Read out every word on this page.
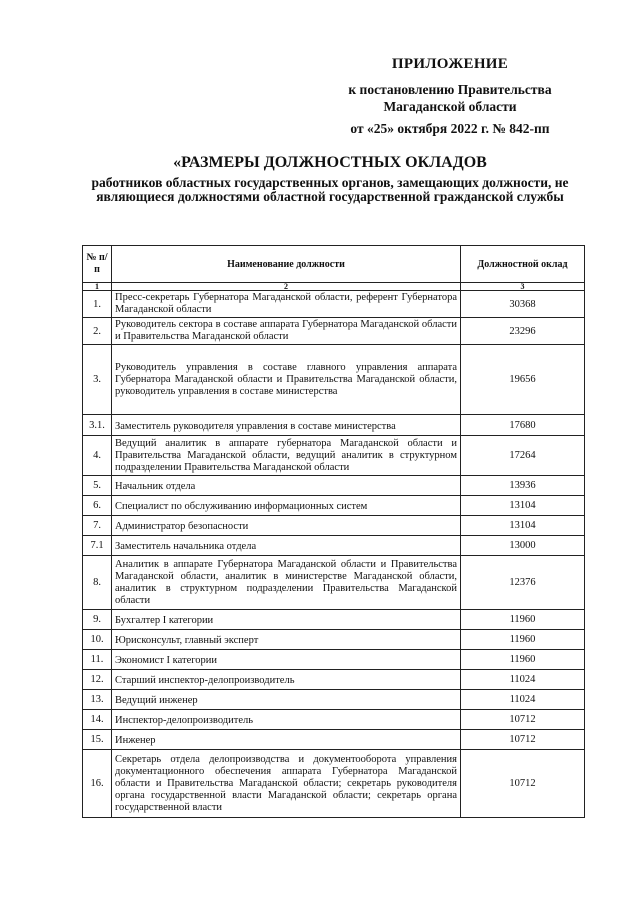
ПРИЛОЖЕНИЕ
к постановлению Правительства
Магаданской области
от «25» октября 2022 г. № 842-пп
«РАЗМЕРЫ ДОЛЖНОСТНЫХ ОКЛАДОВ
работников областных государственных органов, замещающих должности, не являющиеся должностями областной государственной гражданской службы
№ п/п	Наименование должности	Должностной оклад
1	2	3
1.	Пресс-секретарь Губернатора Магаданской области, референт Губернатора Магаданской области	30368
2.	Руководитель сектора в составе аппарата Губернатора Магаданской области и Правительства Магаданской области	23296
3.	Руководитель управления в составе главного управления аппарата Губернатора Магаданской области и Правительства Магаданской области, руководитель управления в составе министерства	19656
3.1.	Заместитель руководителя управления в составе министерства	17680
4.	Ведущий аналитик в аппарате губернатора Магаданской области и Правительства Магаданской области, ведущий аналитик в структурном подразделении Правительства Магаданской области	17264
5.	Начальник отдела	13936
6.	Специалист по обслуживанию информационных систем	13104
7.	Администратор безопасности	13104
7.1	Заместитель начальника отдела	13000
8.	Аналитик в аппарате Губернатора Магаданской области и Правительства Магаданской области, аналитик в министерстве Магаданской области, аналитик в структурном подразделении Правительства Магаданской области	12376
9.	Бухгалтер I категории	11960
10.	Юрисконсульт, главный эксперт	11960
11.	Экономист I категории	11960
12.	Старший инспектор-делопроизводитель	11024
13.	Ведущий инженер	11024
14.	Инспектор-делопроизводитель	10712
15.	Инженер	10712
16.	Секретарь отдела делопроизводства и документооборота управления документационного обеспечения аппарата Губернатора Магаданской области и Правительства Магаданской области; секретарь руководителя органа государственной власти Магаданской области; секретарь органа государственной власти	10712
